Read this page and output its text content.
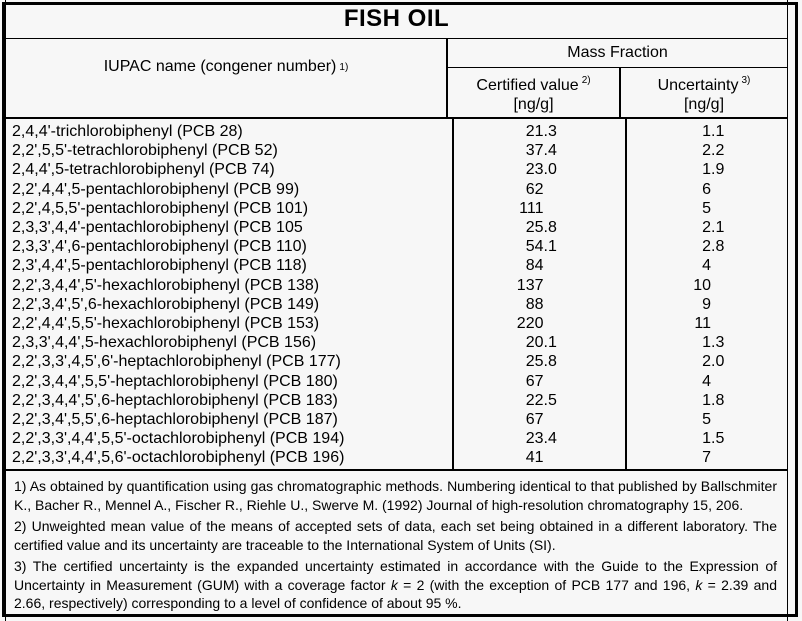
FISH OIL
IUPAC name (congener number) 1)
Mass Fraction
Certified value $^{2)}$
[ng/g]
Uncertainty $^{3)}$
[ng/g]
2,4,4'-trichlorobiphenyl (PCB 28)
2,2',5,5'-tetrachlorobiphenyl (PCB 52)
2,4,4',5-tetrachlorobiphenyl (PCB 74)
2,2',4,4',5-pentachlorobiphenyl (PCB 99)
2,2',4,5,5'-pentachlorobiphenyl (PCB 101)
2,3,3',4,4'-pentachlorobiphenyl (PCB 105
2,3,3',4',6-pentachlorobiphenyl (PCB 110)
2,3',4,4',5-pentachlorobiphenyl (PCB 118)
2,2',3,4,4',5'-hexachlorobiphenyl (PCB 138)
2,2',3,4',5',6-hexachlorobiphenyl (PCB 149)
2,2',4,4',5,5'-hexachlorobiphenyl (PCB 153)
2,3,3',4,4',5-hexachlorobiphenyl (PCB 156)
2,2',3,3',4,5',6'-heptachlorobiphenyl (PCB 177)
2,2',3,4,4',5,5'-heptachlorobiphenyl (PCB 180)
2,2',3,4,4',5',6-heptachlorobiphenyl (PCB 183)
2,2',3,4',5,5',6-heptachlorobiphenyl (PCB 187)
2,2',3,3',4,4',5,5'-octachlorobiphenyl (PCB 194)
2,2',3,3',4,4',5,6'-octachlorobiphenyl (PCB 196)
21 .3
37 .4
23 .0
62
111
25 .8
54 .1
84
137
88
220
20 .1
25 .8
67
22 .5
67
23 .4
41
1 .1
2 .2
1 .9
6
5
2 .1
2 .8
4
10
9
11
1 .3
2 .0
4
1 .8
5
1 .5
7

1) As obtained by quantification using gas chromatographic methods. Numbering identical to that published by Ballschmiter K., Bacher R., Mennel A., Fischer R., Riehle U., Swerve M. (1992) Journal of high-resolution chromatography 15, 206.

2) Unweighted mean value of the means of accepted sets of data, each set being obtained in a different laboratory. The certified value and its uncertainty are traceable to the International System of Units (SI).

3) The certified uncertainty is the expanded uncertainty estimated in accordance with the Guide to the Expression of Uncertainty in Measurement (GUM) with a coverage factor k = 2 (with the exception of PCB 177 and 196, k = 2.39 and 2.66, respectively) corresponding to a level of confidence of about 95 %.
